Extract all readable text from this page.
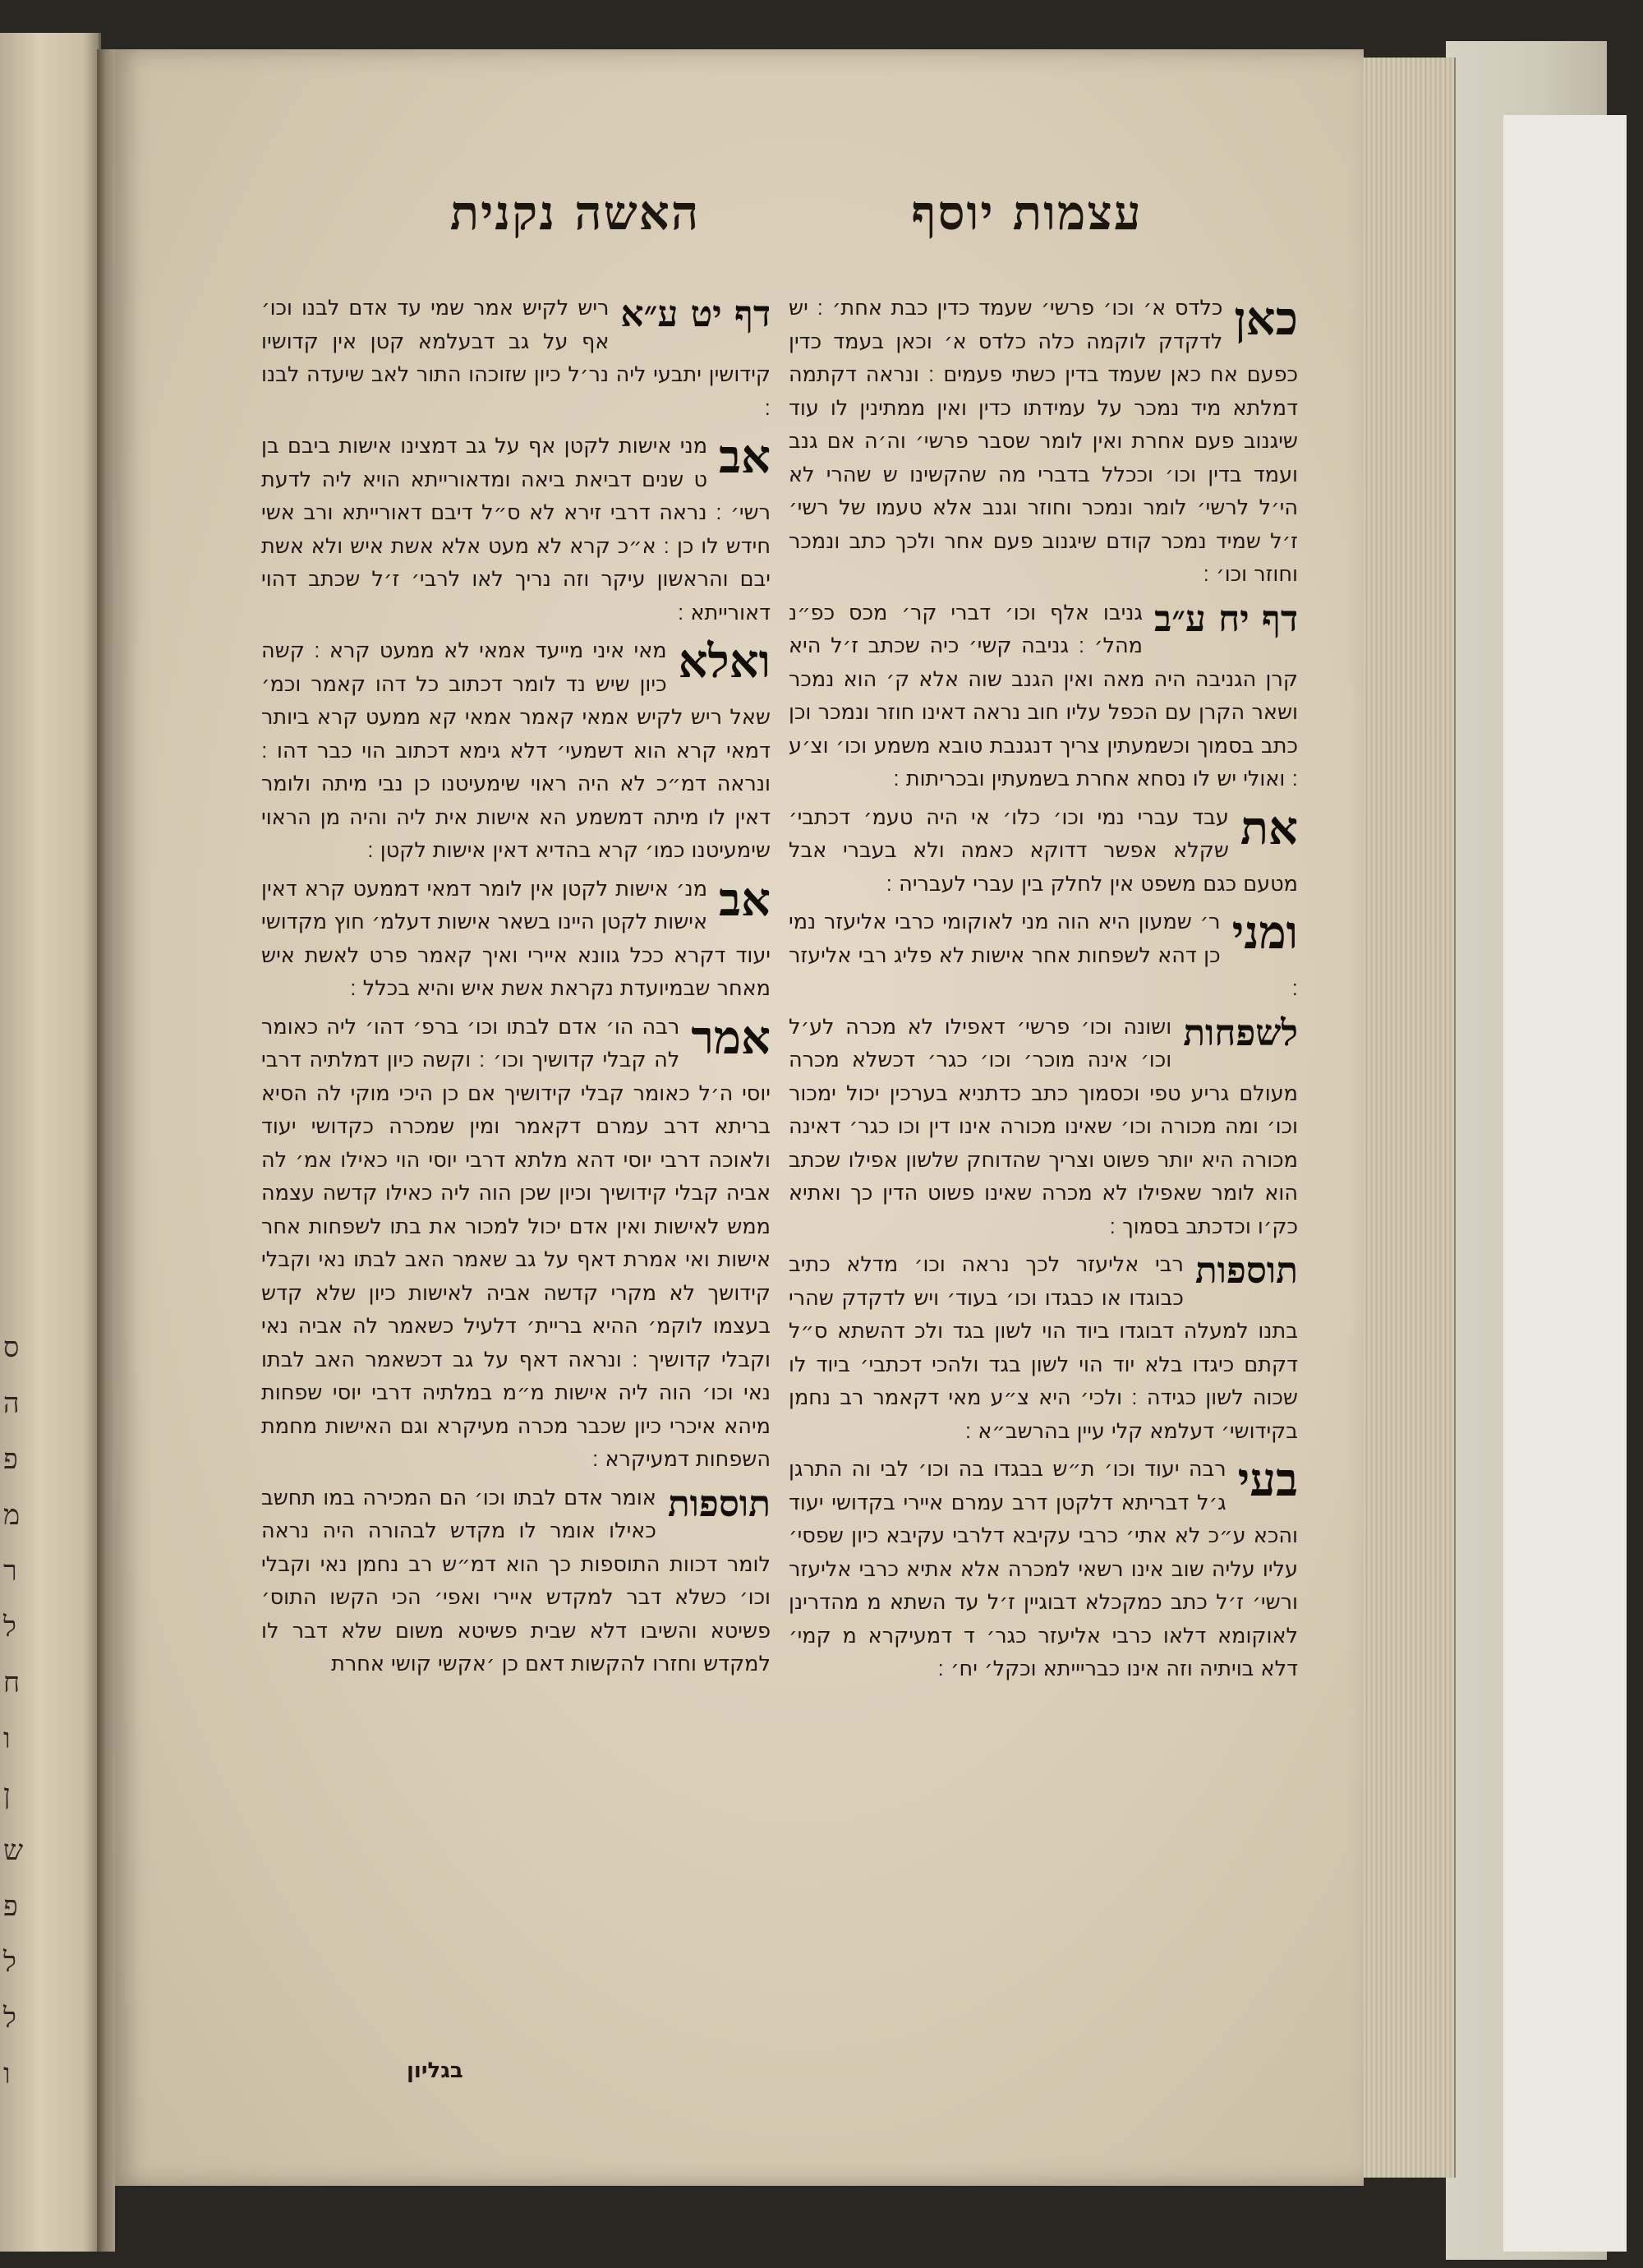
ס
ה
פ
מ
ר
ל
ח
ו
ן
ש
פ
ל
ל
ו
עצמות יוסף
האשה נקנית
כאן

כלדס א׳ וכו׳ פרשי׳ שעמד כדין כבת אחת׳ ׃ יש לדקדק לוקמה כלה כלדס א׳ וכאן בעמד כדין כפעם אח כאן שעמד בדין כשתי פעמים ׃ ונראה דקתמה דמלתא מיד נמכר על עמידתו כדין ואין ממתינין לו עוד שיגנוב פעם אחרת ואין לומר שסבר פרשי׳ וה׳ה אם גנב ועמד בדין וכו׳ וככלל בדברי מה שהקשינו ש שהרי לא הי׳ל לרשי׳ לומר ונמכר וחוזר וגנב אלא טעמו של רשי׳ ז׳ל שמיד נמכר קודם שיגנוב פעם אחר ולכך כתב ונמכר וחוזר וכו׳ ׃

דף יח ע״ב

גניבו אלף וכו׳ דברי קר׳ מכס כפ״נ מהל׳ ׃ גניבה קשי׳ כיה שכתב ז׳ל היא קרן הגניבה היה מאה ואין הגנב שוה אלא ק׳ הוא נמכר ושאר הקרן עם הכפל עליו חוב נראה דאינו חוזר ונמכר וכן כתב בסמוך וכשמעתין צריך דנגנבת טובא משמע וכו׳ וצ׳ע ׃ ואולי יש לו נסחא אחרת בשמעתין ובכריתות ׃

את

עבד עברי נמי וכו׳ כלו׳ אי היה טעמ׳ דכתבי׳ שקלא אפשר דדוקא כאמה ולא בעברי אבל מטעם כגם משפט אין לחלק בין עברי לעבריה ׃

ומני

ר׳ שמעון היא הוה מני לאוקומי כרבי אליעזר נמי כן דהא לשפחות אחר אישות לא פליג רבי אליעזר ׃

לשפחות

ושונה וכו׳ פרשי׳ דאפילו לא מכרה לע׳ל וכו׳ אינה מוכר׳ וכו׳ כגר׳ דכשלא מכרה מעולם גריע טפי וכסמוך כתב כדתניא בערכין יכול ימכור וכו׳ ומה מכורה וכו׳ שאינו מכורה אינו דין וכו כגר׳ דאינה מכורה היא יותר פשוט וצריך שהדוחק שלשון אפילו שכתב הוא לומר שאפילו לא מכרה שאינו פשוט הדין כך ואתיא כק׳ו וכדכתב בסמוך ׃

תוספות

רבי אליעזר לכך נראה וכו׳ מדלא כתיב כבוגדו או כבגדו וכו׳ בעוד׳ ויש לדקדק שהרי בתנו למעלה דבוגדו ביוד הוי לשון בגד ולכ דהשתא ס״ל דקתם כיגדו בלא יוד הוי לשון בגד ולהכי דכתבי׳ ביוד לו שכוה לשון כגידה ׃ ולכי׳ היא צ״ע מאי דקאמר רב נחמן בקידושי׳ דעלמא קלי עיין בהרשב״א ׃

בעי

רבה יעוד וכו׳ ת״ש בבגדו בה וכו׳ לבי וה התרגן ג׳ל דבריתא דלקטן דרב עמרם איירי בקדושי יעוד והכא ע״כ לא אתי׳ כרבי עקיבא דלרבי עקיבא כיון שפסי׳ עליו עליה שוב אינו רשאי למכרה אלא אתיא כרבי אליעזר ורשי׳ ז׳ל כתב כמקכלא דבוגיין ז׳ל עד השתא מ מהדרינן לאוקומא דלאו כרבי אליעזר כגר׳ ד דמעיקרא מ קמי׳ דלא בויתיה וזה אינו כבריייתא וכקל׳ יח׳ ׃

דף יט ע״א

ריש לקיש אמר שמי עד אדם לבנו וכו׳ אף על גב דבעלמא קטן אין קדושיו קידושין יתבעי ליה נר׳ל כיון שזוכהו התור לאב שיעדה לבנו ׃

אב

מני אישות לקטן אף על גב דמצינו אישות ביבם בן ט שנים דביאת ביאה ומדאורייתא הויא ליה לדעת רשי׳ ׃ נראה דרבי זירא לא ס״ל דיבם דאורייתא ורב אשי חידש לו כן ׃ א״כ קרא לא מעט אלא אשת איש ולא אשת יבם והראשון עיקר וזה נריך לאו לרבי׳ ז׳ל שכתב דהוי דאורייתא ׃

ואלא

מאי איני מייעד אמאי לא ממעט קרא ׃ קשה כיון שיש נד לומר דכתוב כל דהו קאמר וכמ׳ שאל ריש לקיש אמאי קאמר אמאי קא ממעט קרא ביותר דמאי קרא הוא דשמעי׳ דלא גימא דכתוב הוי כבר דהו ׃ ונראה דמ״כ לא היה ראוי שימעיטנו כן נבי מיתה ולומר דאין לו מיתה דמשמע הא אישות אית ליה והיה מן הראוי שימעיטנו כמו׳ קרא בהדיא דאין אישות לקטן ׃

אב

מנ׳ אישות לקטן אין לומר דמאי דממעט קרא דאין אישות לקטן היינו בשאר אישות דעלמ׳ חוץ מקדושי יעוד דקרא ככל גוונא איירי ואיך קאמר פרט לאשת איש מאחר שבמיועדת נקראת אשת איש והיא בכלל ׃

אמר

רבה הו׳ אדם לבתו וכו׳ ברפ׳ דהו׳ ליה כאומר לה קבלי קדושיך וכו׳ ׃ וקשה כיון דמלתיה דרבי יוסי ה׳ל כאומר קבלי קידושיך אם כן היכי מוקי לה הסיא בריתא דרב עמרם דקאמר ומין שמכרה כקדושי יעוד ולאוכה דרבי יוסי דהא מלתא דרבי יוסי הוי כאילו אמ׳ לה אביה קבלי קידושיך וכיון שכן הוה ליה כאילו קדשה עצמה ממש לאישות ואין אדם יכול למכור את בתו לשפחות אחר אישות ואי אמרת דאף על גב שאמר האב לבתו נאי וקבלי קידושך לא מקרי קדשה אביה לאישות כיון שלא קדש בעצמו לוקמ׳ ההיא בריית׳ דלעיל כשאמר לה אביה נאי וקבלי קדושיך ׃ ונראה דאף על גב דכשאמר האב לבתו נאי וכו׳ הוה ליה אישות מ״מ במלתיה דרבי יוסי שפחות מיהא איכרי כיון שכבר מכרה מעיקרא וגם האישות מחמת השפחות דמעיקרא ׃

תוספות

אומר אדם לבתו וכו׳ הם המכירה במו תחשב כאילו אומר לו מקדש לבהורה היה נראה לומר דכוות התוספות כך הוא דמ״ש רב נחמן נאי וקבלי וכו׳ כשלא דבר למקדש איירי ואפי׳ הכי הקשו התוס׳ פשיטא והשיבו דלא שבית פשיטא משום שלא דבר לו למקדש וחזרו להקשות דאם כן ׳אקשי קושי אחרת

בגליון
